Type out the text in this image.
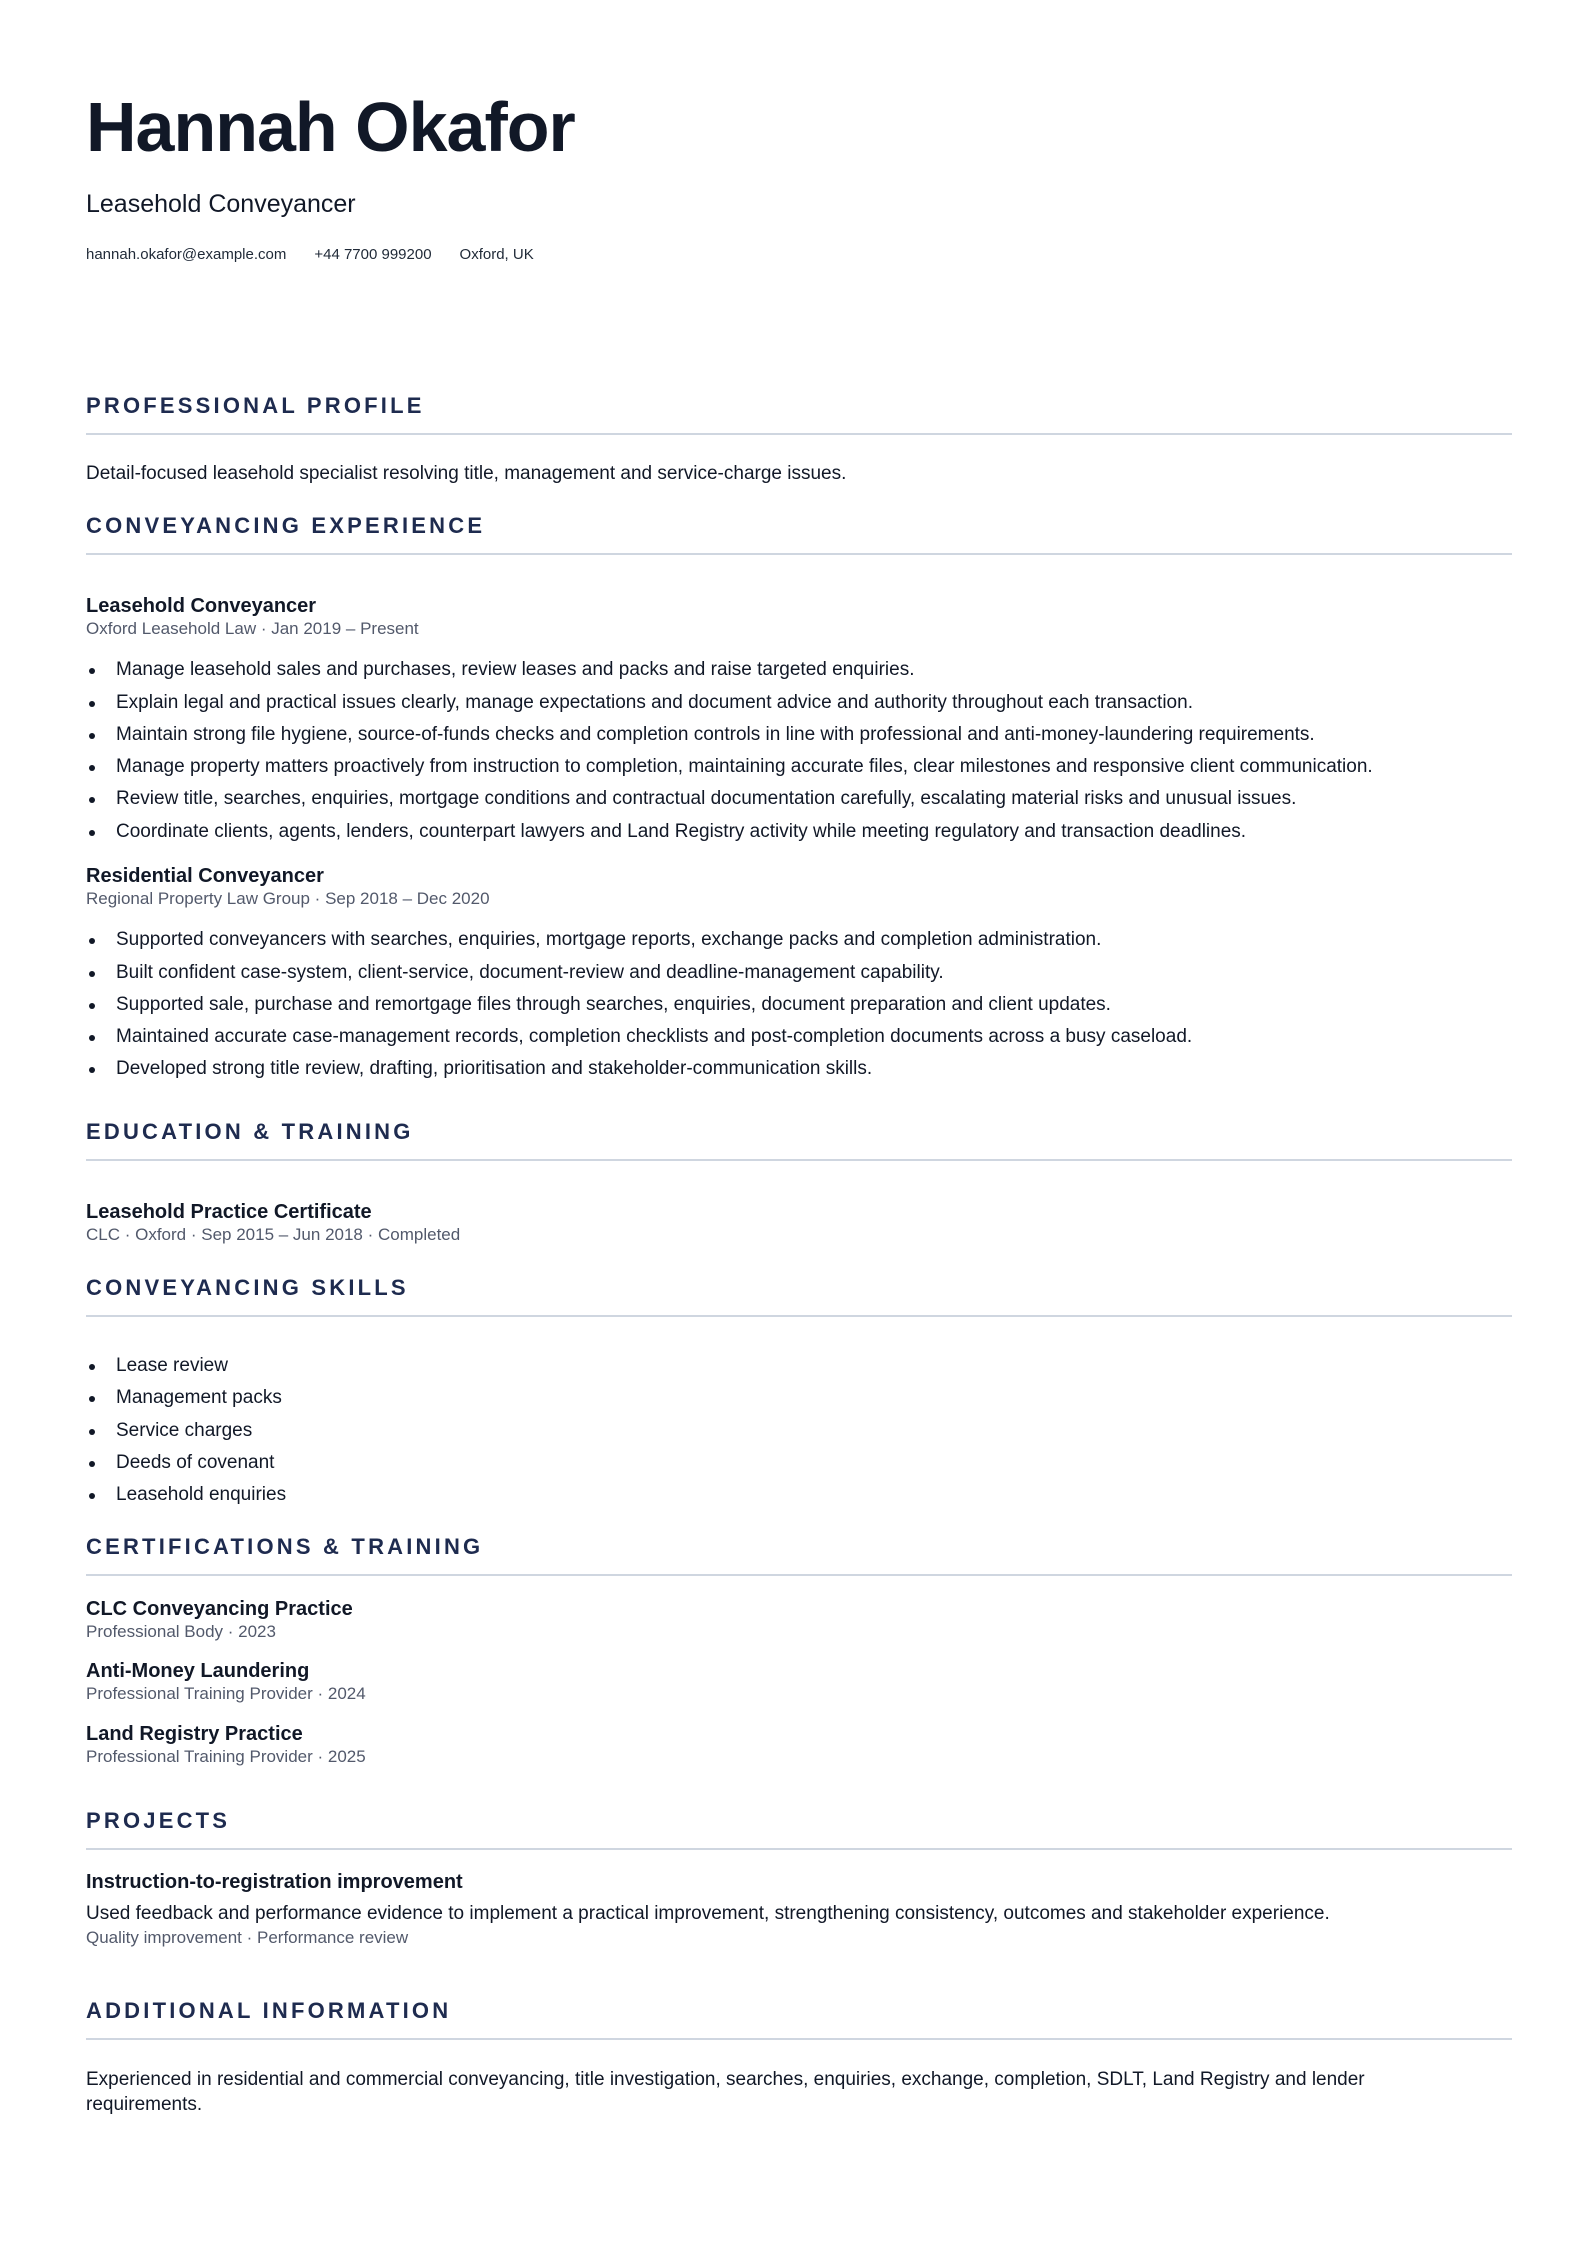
Hannah Okafor
Leasehold Conveyancer
hannah.okafor@example.com +44 7700 999200 Oxford, UK
PROFESSIONAL PROFILE

Detail-focused leasehold specialist resolving title, management and service-charge issues.

CONVEYANCING EXPERIENCE
Leasehold Conveyancer
Oxford Leasehold Law · Jan 2019 – Present
Manage leasehold sales and purchases, review leases and packs and raise targeted enquiries.
Explain legal and practical issues clearly, manage expectations and document advice and authority throughout each transaction.
Maintain strong file hygiene, source-of-funds checks and completion controls in line with professional and anti-money-laundering requirements.
Manage property matters proactively from instruction to completion, maintaining accurate files, clear milestones and responsive client communication.
Review title, searches, enquiries, mortgage conditions and contractual documentation carefully, escalating material risks and unusual issues.
Coordinate clients, agents, lenders, counterpart lawyers and Land Registry activity while meeting regulatory and transaction deadlines.
Residential Conveyancer
Regional Property Law Group · Sep 2018 – Dec 2020
Supported conveyancers with searches, enquiries, mortgage reports, exchange packs and completion administration.
Built confident case-system, client-service, document-review and deadline-management capability.
Supported sale, purchase and remortgage files through searches, enquiries, document preparation and client updates.
Maintained accurate case-management records, completion checklists and post-completion documents across a busy caseload.
Developed strong title review, drafting, prioritisation and stakeholder-communication skills.
EDUCATION & TRAINING
Leasehold Practice Certificate
CLC · Oxford · Sep 2015 – Jun 2018 · Completed
CONVEYANCING SKILLS
Lease review
Management packs
Service charges
Deeds of covenant
Leasehold enquiries
CERTIFICATIONS & TRAINING
CLC Conveyancing Practice
Professional Body · 2023
Anti-Money Laundering
Professional Training Provider · 2024
Land Registry Practice
Professional Training Provider · 2025
PROJECTS
Instruction-to-registration improvement

Used feedback and performance evidence to implement a practical improvement, strengthening consistency, outcomes and stakeholder experience.

Quality improvement · Performance review
ADDITIONAL INFORMATION

Experienced in residential and commercial conveyancing, title investigation, searches, enquiries, exchange, completion, SDLT, Land Registry and lender requirements.
